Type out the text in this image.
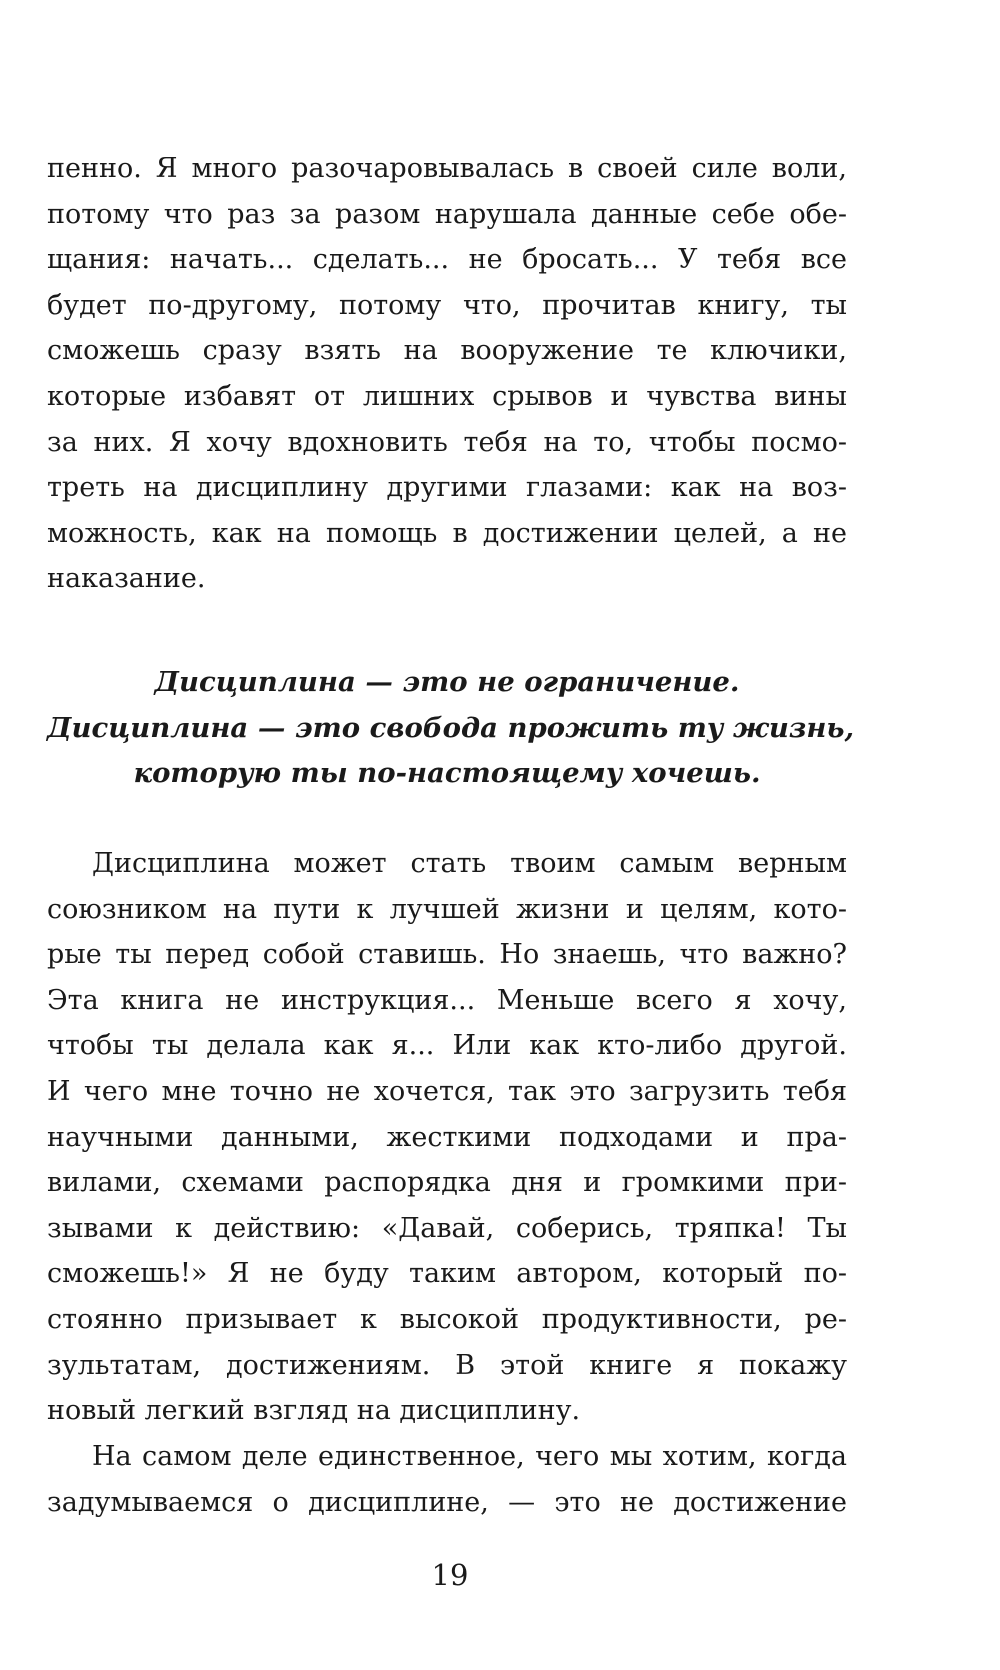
пенно. Я много разочаровывалась в своей силе воли,
потому что раз за разом нарушала данные себе обе-
щания: начать... сделать... не бросать... У тебя все
будет по-другому, потому что, прочитав книгу, ты
сможешь сразу взять на вооружение те ключики,
которые избавят от лишних срывов и чувства вины
за них. Я хочу вдохновить тебя на то, чтобы посмо-
треть на дисциплину другими глазами: как на воз-
можность, как на помощь в достижении целей, а не
наказание.
Дисциплина — это не ограничение.
Дисциплина — это свобода прожить ту жизнь,
которую ты по-настоящему хочешь.
Дисциплина может стать твоим самым верным
союзником на пути к лучшей жизни и целям, кото-
рые ты перед собой ставишь. Но знаешь, что важно?
Эта книга не инструкция... Меньше всего я хочу,
чтобы ты делала как я... Или как кто-либо другой.
И чего мне точно не хочется, так это загрузить тебя
научными данными, жесткими подходами и пра-
вилами, схемами распорядка дня и громкими при-
зывами к действию: «Давай, соберись, тряпка! Ты
сможешь!» Я не буду таким автором, который по-
стоянно призывает к высокой продуктивности, ре-
зультатам, достижениям. В этой книге я покажу
новый легкий взгляд на дисциплину.
На самом деле единственное, чего мы хотим, когда
задумываемся о дисциплине, — это не достижение
19
